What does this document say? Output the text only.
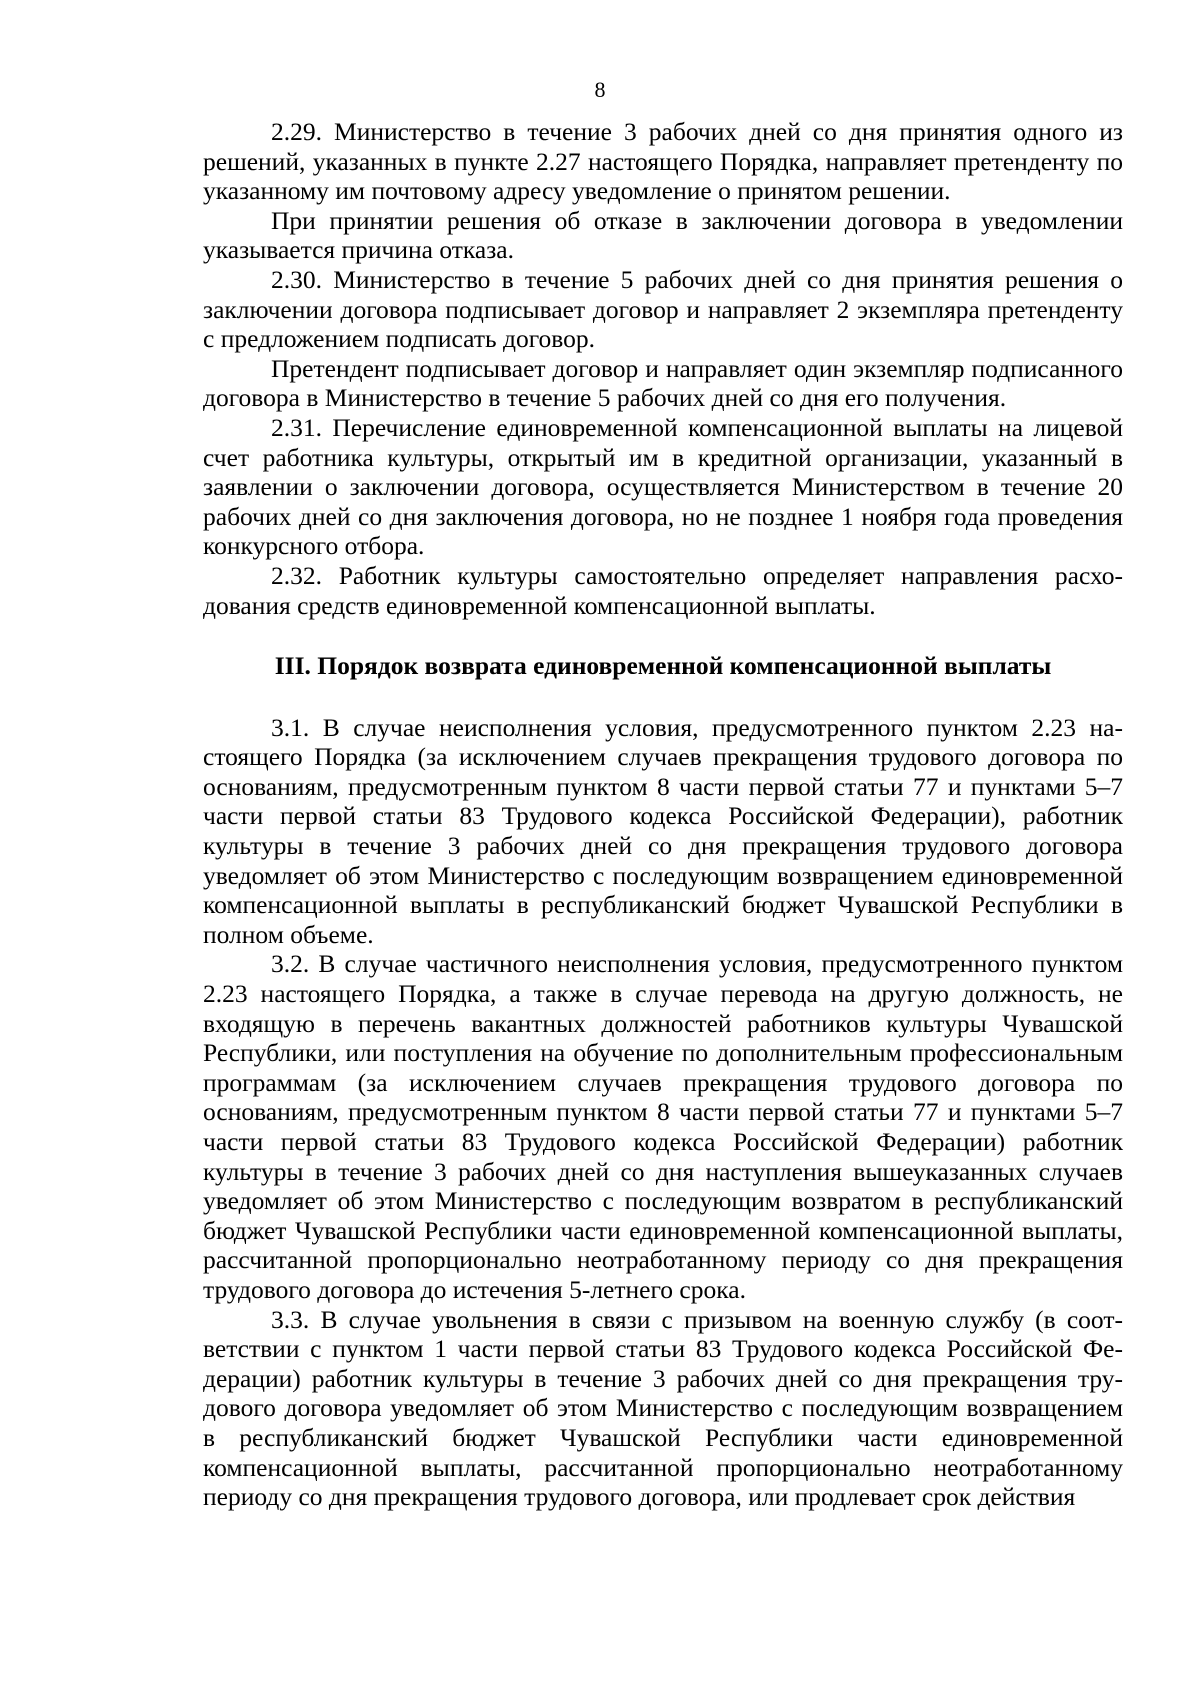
8

2.29. Министерство в течение 3 рабочих дней со дня принятия одного из решений, указанных в пункте 2.27 настоящего Порядка, направляет претенденту по указанному им почтовому адресу уведомление о принятом решении.

При принятии решения об отказе в заключении договора в уведомлении указывается причина отказа.

2.30. Министерство в течение 5 рабочих дней со дня принятия решения о заключении договора подписывает договор и направляет 2 экземпляра претенденту с предложением подписать договор.

Претендент подписывает договор и направляет один экземпляр подписанного договора в Министерство в течение 5 рабочих дней со дня его получения.

2.31. Перечисление единовременной компенсационной выплаты на лицевой счет работника культуры, открытый им в кредитной организации, указанный в заявлении о заключении договора, осуществляется Министерством в течение 20 рабочих дней со дня заключения договора, но не позднее 1 ноября года проведения конкурсного отбора.

2.32. Работник культуры самостоятельно определяет направления расходования средств единовременной компенсационной выплаты.

III. Порядок возврата единовременной компенсационной выплаты

3.1. В случае неисполнения условия, предусмотренного пунктом 2.23 настоящего Порядка (за исключением случаев прекращения трудового договора по основаниям, предусмотренным пунктом 8 части первой статьи 77 и пунктами 5–7 части первой статьи 83 Трудового кодекса Российской Федерации), работник культуры в течение 3 рабочих дней со дня прекращения трудового договора уведомляет об этом Министерство с последующим возвращением единовременной компенсационной выплаты в республиканский бюджет Чувашской Республики в полном объеме.

3.2. В случае частичного неисполнения условия, предусмотренного пунктом 2.23 настоящего Порядка, а также в случае перевода на другую должность, не входящую в перечень вакантных должностей работников культуры Чувашской Республики, или поступления на обучение по дополнительным профессиональным программам (за исключением случаев прекращения трудового договора по основаниям, предусмотренным пунктом 8 части первой статьи 77 и пунктами 5–7 части первой статьи 83 Трудового кодекса Российской Федерации) работник культуры в течение 3 рабочих дней со дня наступления вышеуказанных случаев уведомляет об этом Министерство с последующим возвратом в республиканский бюджет Чувашской Республики части единовременной компенсационной выплаты, рассчитанной пропорционально неотработанному периоду со дня прекращения трудового договора до истечения 5-летнего срока.

3.3. В случае увольнения в связи с призывом на военную службу (в соответствии с пунктом 1 части первой статьи 83 Трудового кодекса Российской Федерации) работник культуры в течение 3 рабочих дней со дня прекращения трудового договора уведомляет об этом Министерство с последующим возвращением в республиканский бюджет Чувашской Республики части единовременной компенсационной выплаты, рассчитанной пропорционально неотработанному периоду со дня прекращения трудового договора, или продлевает срок действия
